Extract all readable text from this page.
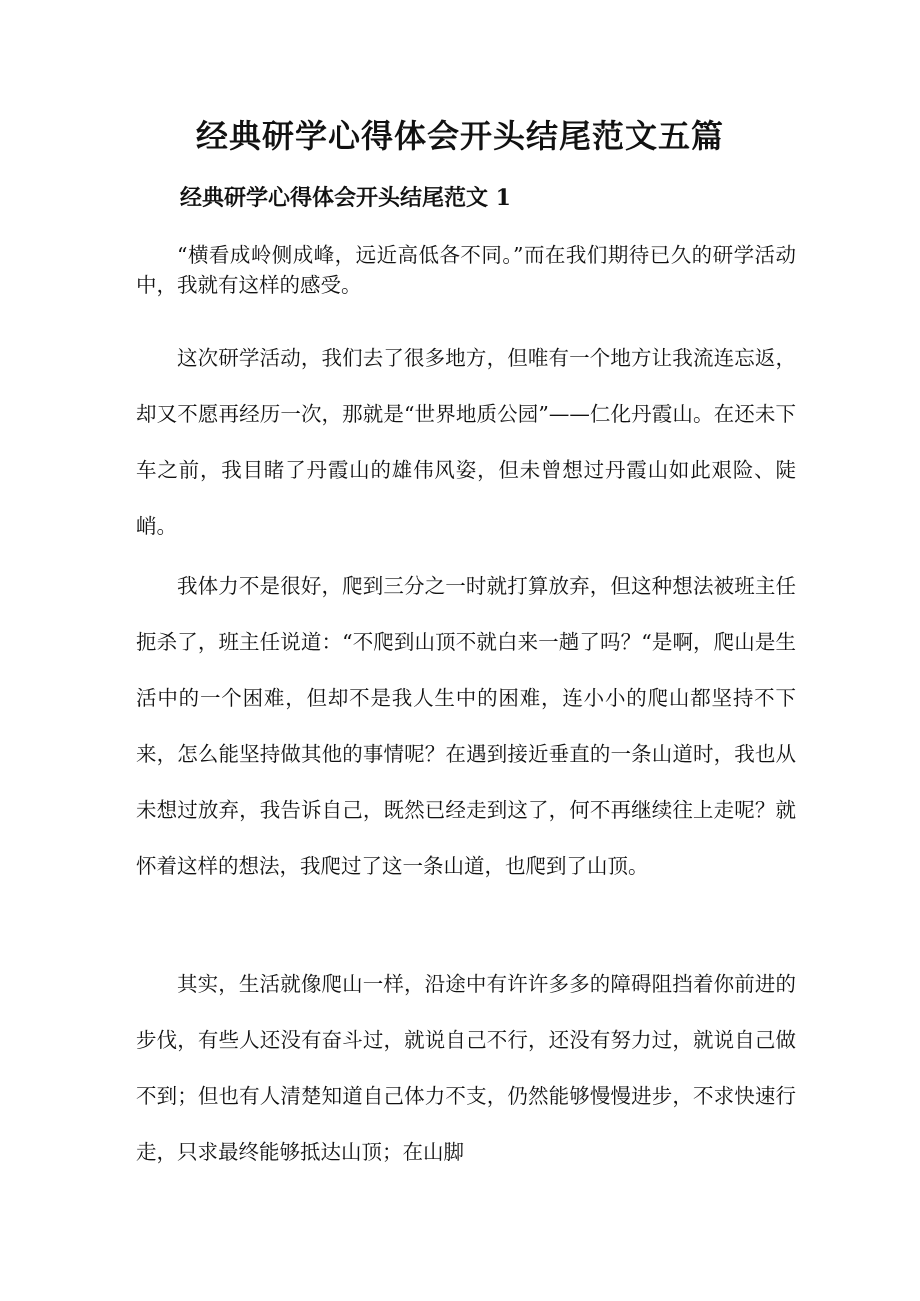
经典研学心得体会开头结尾范文五篇
经典研学心得体会开头结尾范文 1

“横看成岭侧成峰，远近高低各不同。”而在我们期待已久的研学活动中，我就有这样的感受。

这次研学活动，我们去了很多地方，但唯有一个地方让我流连忘返，却又不愿再经历一次，那就是“世界地质公园”——仁化丹霞山。在还未下车之前，我目睹了丹霞山的雄伟风姿，但未曾想过丹霞山如此艰险、陡峭。

我体力不是很好，爬到三分之一时就打算放弃，但这种想法被班主任扼杀了，班主任说道：“不爬到山顶不就白来一趟了吗？“是啊，爬山是生活中的一个困难，但却不是我人生中的困难，连小小的爬山都坚持不下来，怎么能坚持做其他的事情呢？在遇到接近垂直的一条山道时，我也从未想过放弃，我告诉自己，既然已经走到这了，何不再继续往上走呢？就怀着这样的想法，我爬过了这一条山道，也爬到了山顶。

其实，生活就像爬山一样，沿途中有许许多多的障碍阻挡着你前进的步伐，有些人还没有奋斗过，就说自己不行，还没有努力过，就说自己做不到；但也有人清楚知道自己体力不支，仍然能够慢慢进步，不求快速行走，只求最终能够抵达山顶；在山脚
